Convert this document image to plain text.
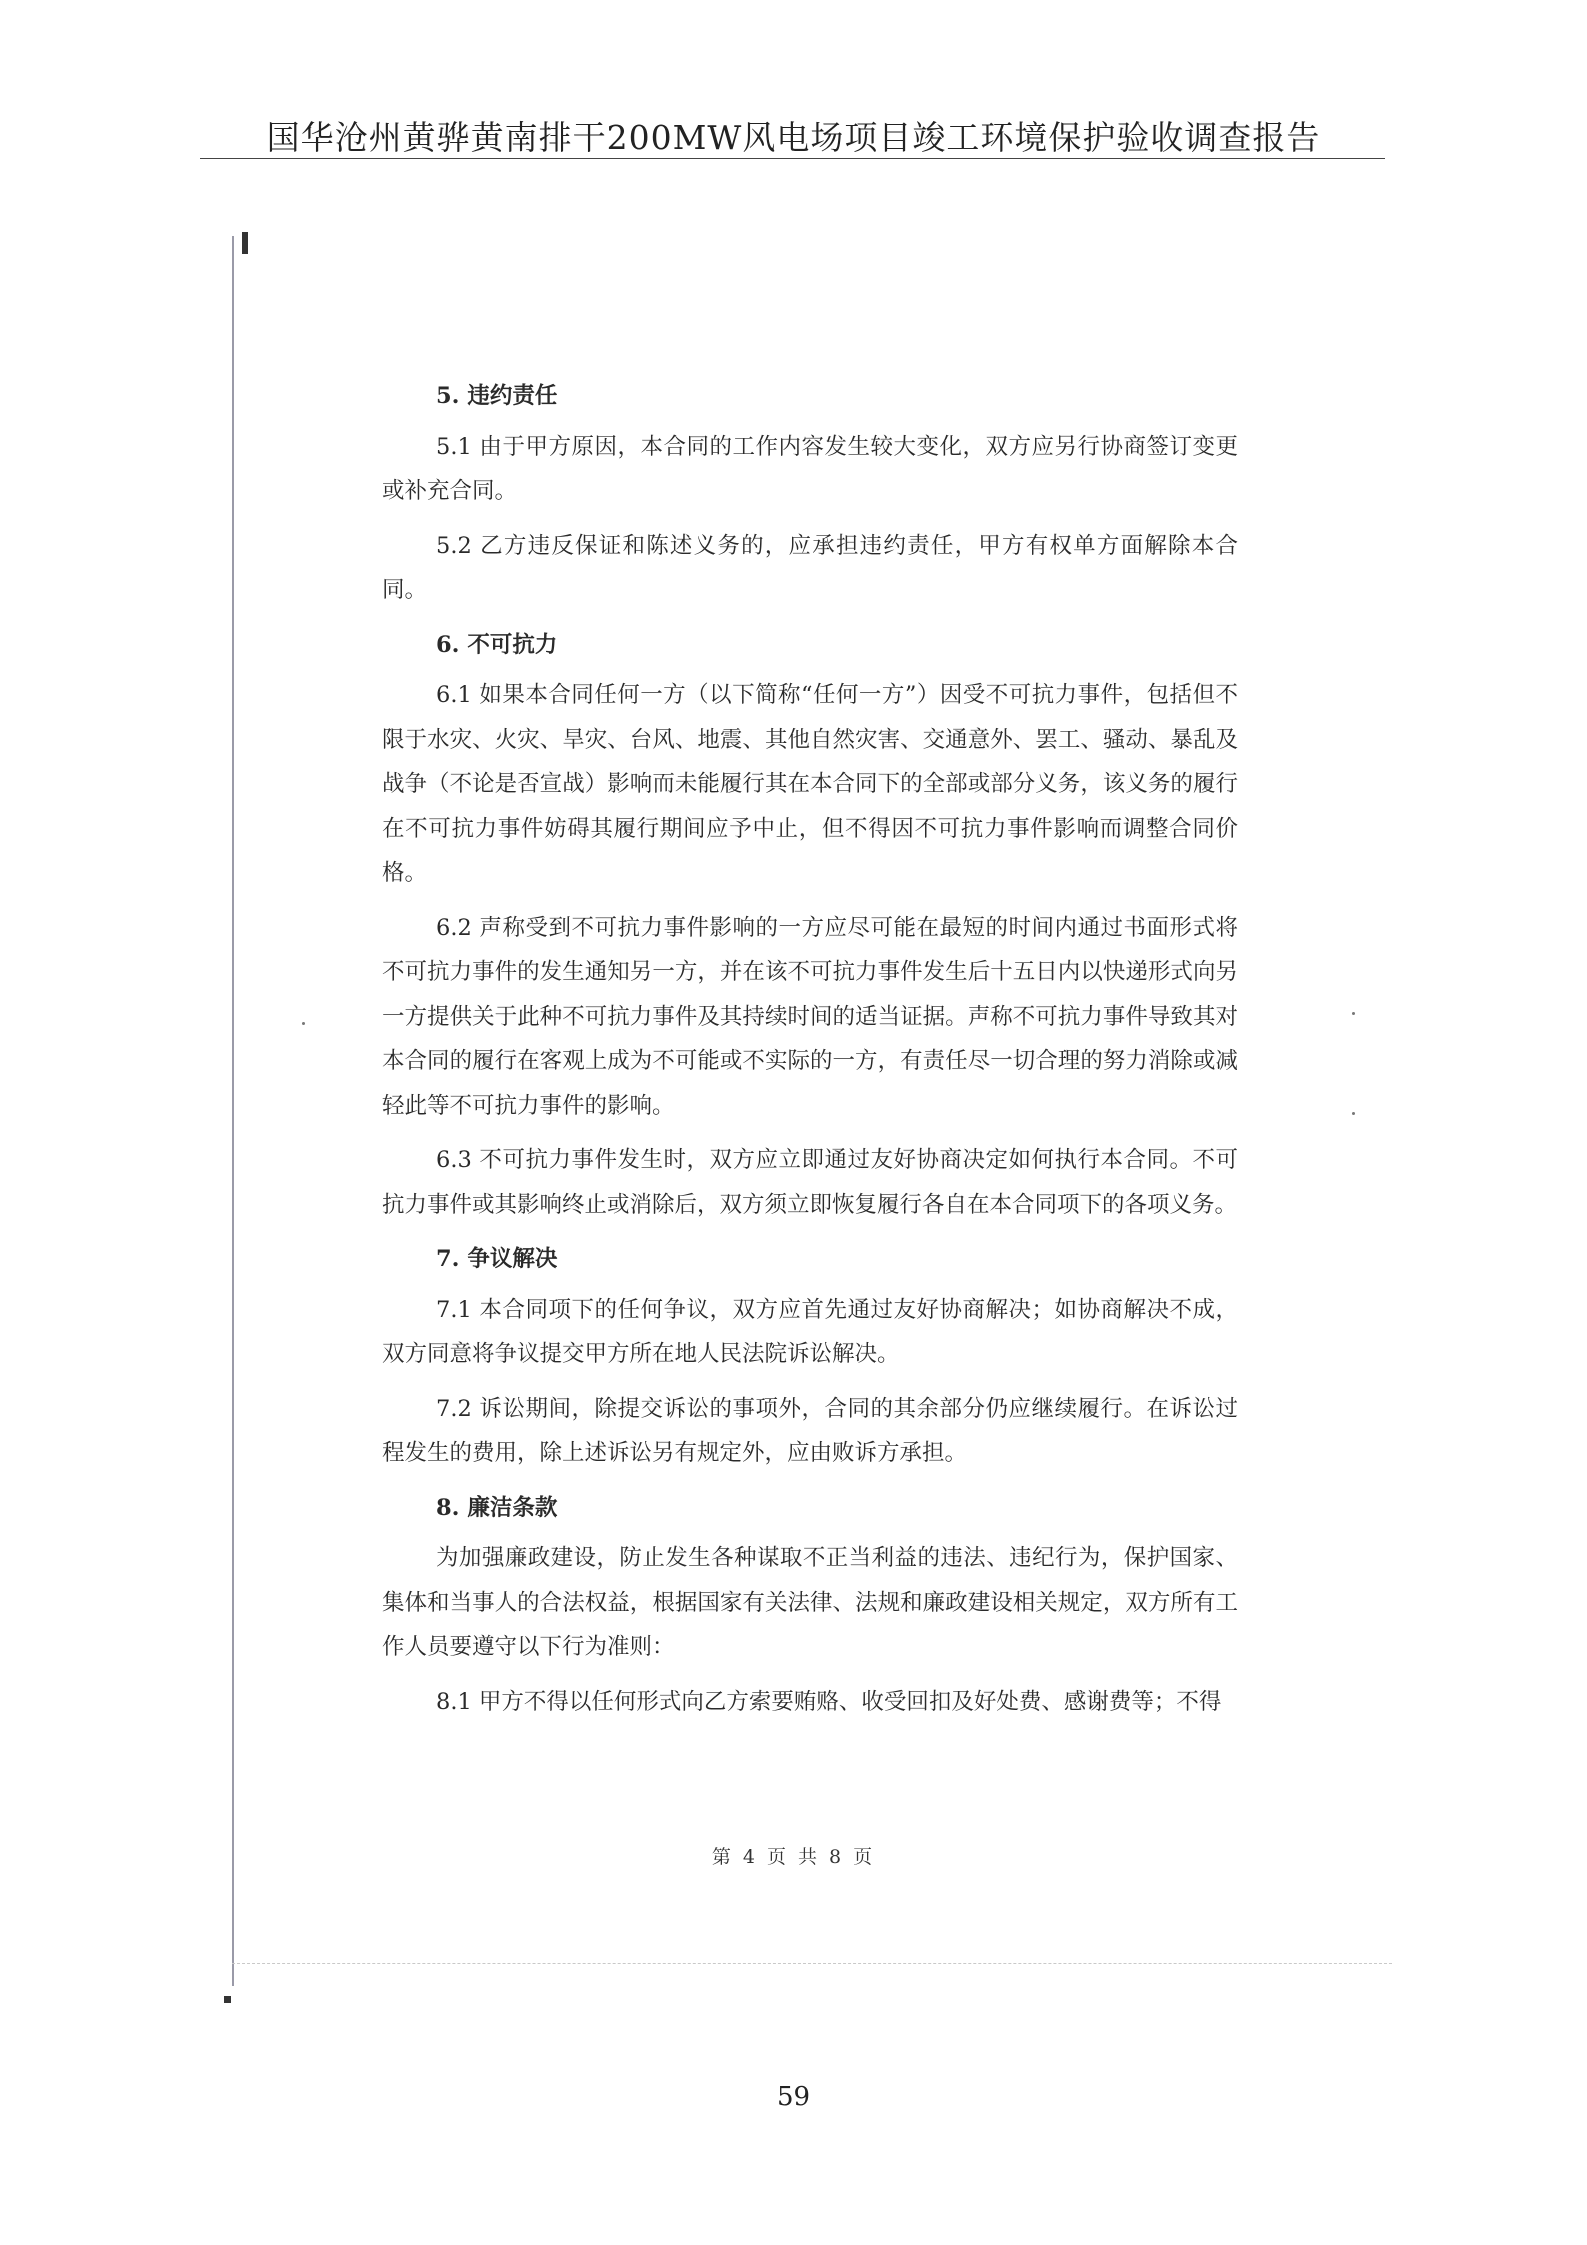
国华沧州黄骅黄南排干200MW风电场项目竣工环境保护验收调查报告
5. 违约责任
5.1 由于甲方原因，本合同的工作内容发生较大变化，双方应另行协商签订变更或补充合同。
5.2 乙方违反保证和陈述义务的，应承担违约责任，甲方有权单方面解除本合同。
6. 不可抗力
6.1 如果本合同任何一方（以下简称“任何一方”）因受不可抗力事件，包括但不限于水灾、火灾、旱灾、台风、地震、其他自然灾害、交通意外、罢工、骚动、暴乱及战争（不论是否宣战）影响而未能履行其在本合同下的全部或部分义务，该义务的履行在不可抗力事件妨碍其履行期间应予中止，但不得因不可抗力事件影响而调整合同价格。
6.2 声称受到不可抗力事件影响的一方应尽可能在最短的时间内通过书面形式将不可抗力事件的发生通知另一方，并在该不可抗力事件发生后十五日内以快递形式向另一方提供关于此种不可抗力事件及其持续时间的适当证据。声称不可抗力事件导致其对本合同的履行在客观上成为不可能或不实际的一方，有责任尽一切合理的努力消除或减轻此等不可抗力事件的影响。
6.3 不可抗力事件发生时，双方应立即通过友好协商决定如何执行本合同。不可抗力事件或其影响终止或消除后，双方须立即恢复履行各自在本合同项下的各项义务。
7. 争议解决
7.1 本合同项下的任何争议，双方应首先通过友好协商解决；如协商解决不成，双方同意将争议提交甲方所在地人民法院诉讼解决。
7.2 诉讼期间，除提交诉讼的事项外，合同的其余部分仍应继续履行。在诉讼过程发生的费用，除上述诉讼另有规定外，应由败诉方承担。
8. 廉洁条款
为加强廉政建设，防止发生各种谋取不正当利益的违法、违纪行为，保护国家、集体和当事人的合法权益，根据国家有关法律、法规和廉政建设相关规定，双方所有工作人员要遵守以下行为准则：
8.1 甲方不得以任何形式向乙方索要贿赂、收受回扣及好处费、感谢费等；不得
第 4 页 共 8 页
59
